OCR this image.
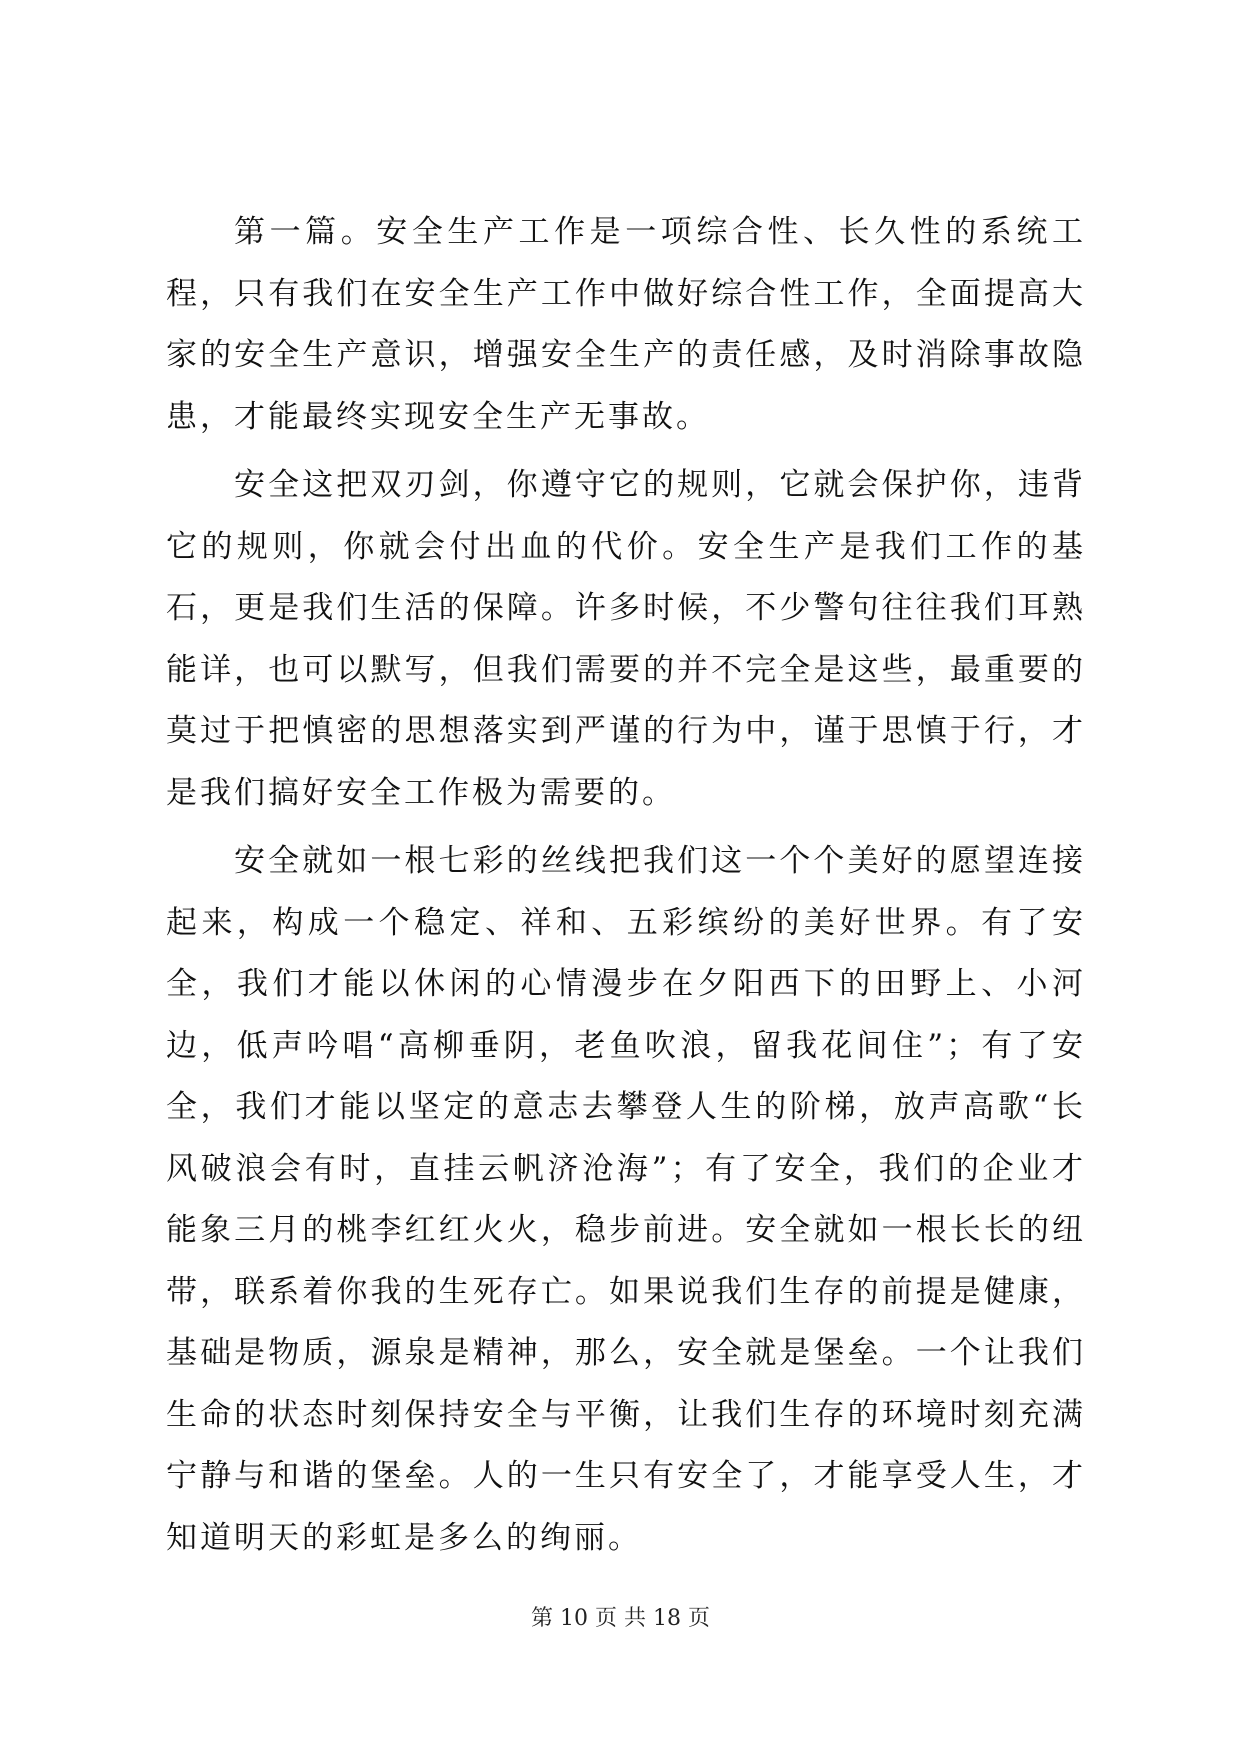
第一篇。安全生产工作是一项综合性、长久性的系统工程，只有我们在安全生产工作中做好综合性工作，全面提高大家的安全生产意识，增强安全生产的责任感，及时消除事故隐患，才能最终实现安全生产无事故。

安全这把双刃剑，你遵守它的规则，它就会保护你，违背它的规则，你就会付出血的代价。安全生产是我们工作的基石，更是我们生活的保障。许多时候，不少警句往往我们耳熟能详，也可以默写，但我们需要的并不完全是这些，最重要的莫过于把慎密的思想落实到严谨的行为中，谨于思慎于行，才是我们搞好安全工作极为需要的。

安全就如一根七彩的丝线把我们这一个个美好的愿望连接起来，构成一个稳定、祥和、五彩缤纷的美好世界。有了安全，我们才能以休闲的心情漫步在夕阳西下的田野上、小河边，低声吟唱“高柳垂阴，老鱼吹浪，留我花间住”；有了安全，我们才能以坚定的意志去攀登人生的阶梯，放声高歌“长风破浪会有时，直挂云帆济沧海”；有了安全，我们的企业才能象三月的桃李红红火火，稳步前进。安全就如一根长长的纽带，联系着你我的生死存亡。如果说我们生存的前提是健康，基础是物质，源泉是精神，那么，安全就是堡垒。一个让我们生命的状态时刻保持安全与平衡，让我们生存的环境时刻充满宁静与和谐的堡垒。人的一生只有安全了，才能享受人生，才知道明天的彩虹是多么的绚丽。

第 10 页 共 18 页
